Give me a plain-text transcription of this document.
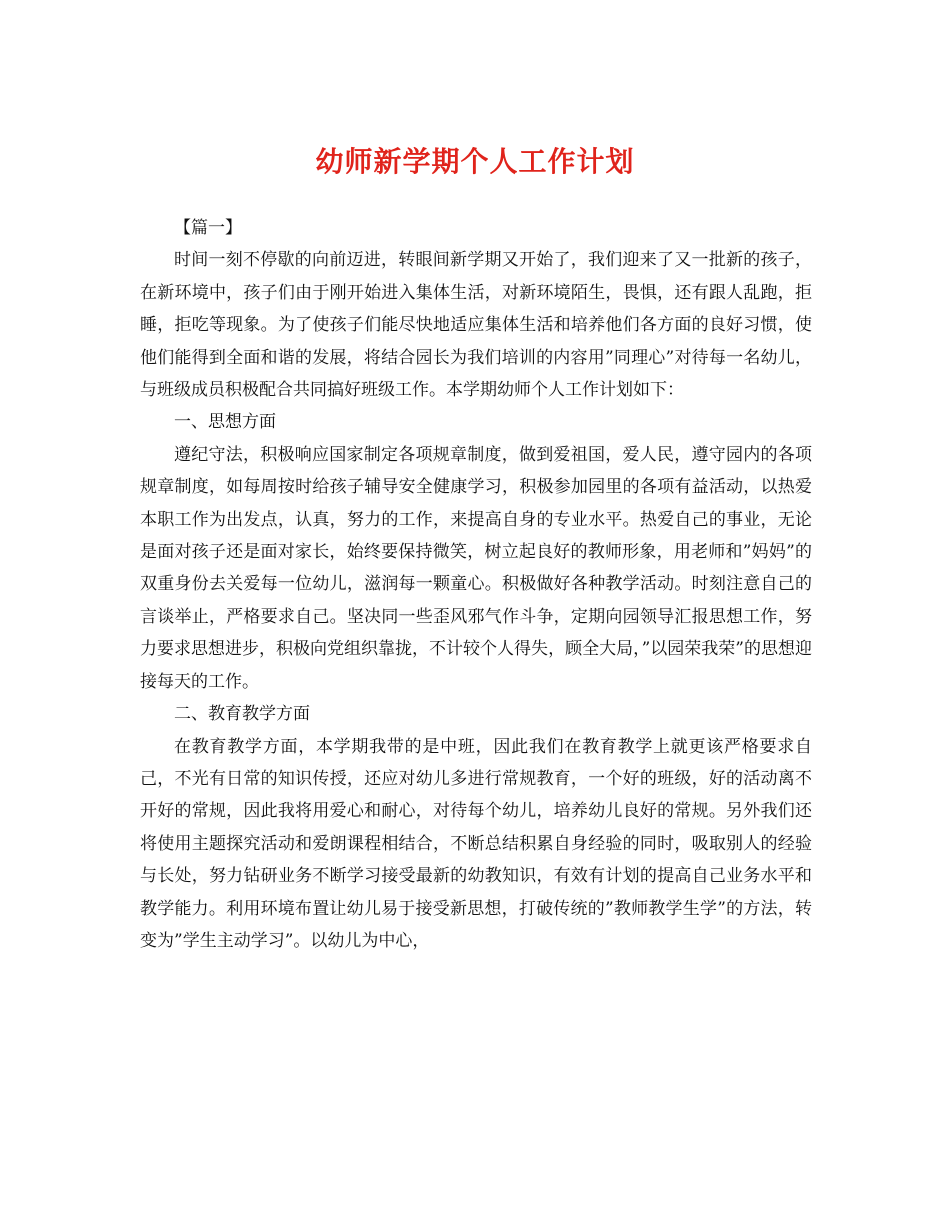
幼师新学期个人工作计划

【篇一】

时间一刻不停歇的向前迈进，转眼间新学期又开始了，我们迎来了又一批新的孩子，在新环境中，孩子们由于刚开始进入集体生活，对新环境陌生，畏惧，还有跟人乱跑，拒睡，拒吃等现象。为了使孩子们能尽快地适应集体生活和培养他们各方面的良好习惯，使他们能得到全面和谐的发展，将结合园长为我们培训的内容用”同理心”对待每一名幼儿，与班级成员积极配合共同搞好班级工作。本学期幼师个人工作计划如下：

一、思想方面

遵纪守法，积极响应国家制定各项规章制度，做到爱祖国，爱人民，遵守园内的各项规章制度，如每周按时给孩子辅导安全健康学习，积极参加园里的各项有益活动，以热爱本职工作为出发点，认真，努力的工作，来提高自身的专业水平。热爱自己的事业，无论是面对孩子还是面对家长，始终要保持微笑，树立起良好的教师形象，用老师和”妈妈”的双重身份去关爱每一位幼儿，滋润每一颗童心。积极做好各种教学活动。时刻注意自己的言谈举止，严格要求自己。坚决同一些歪风邪气作斗争，定期向园领导汇报思想工作，努力要求思想进步，积极向党组织靠拢，不计较个人得失，顾全大局，”以园荣我荣”的思想迎接每天的工作。

二、教育教学方面

在教育教学方面，本学期我带的是中班，因此我们在教育教学上就更该严格要求自己，不光有日常的知识传授，还应对幼儿多进行常规教育，一个好的班级，好的活动离不开好的常规，因此我将用爱心和耐心，对待每个幼儿，培养幼儿良好的常规。另外我们还将使用主题探究活动和爱朗课程相结合，不断总结积累自身经验的同时，吸取别人的经验与长处，努力钻研业务不断学习接受最新的幼教知识，有效有计划的提高自己业务水平和教学能力。利用环境布置让幼儿易于接受新思想，打破传统的”教师教学生学”的方法，转变为”学生主动学习”。以幼儿为中心，
